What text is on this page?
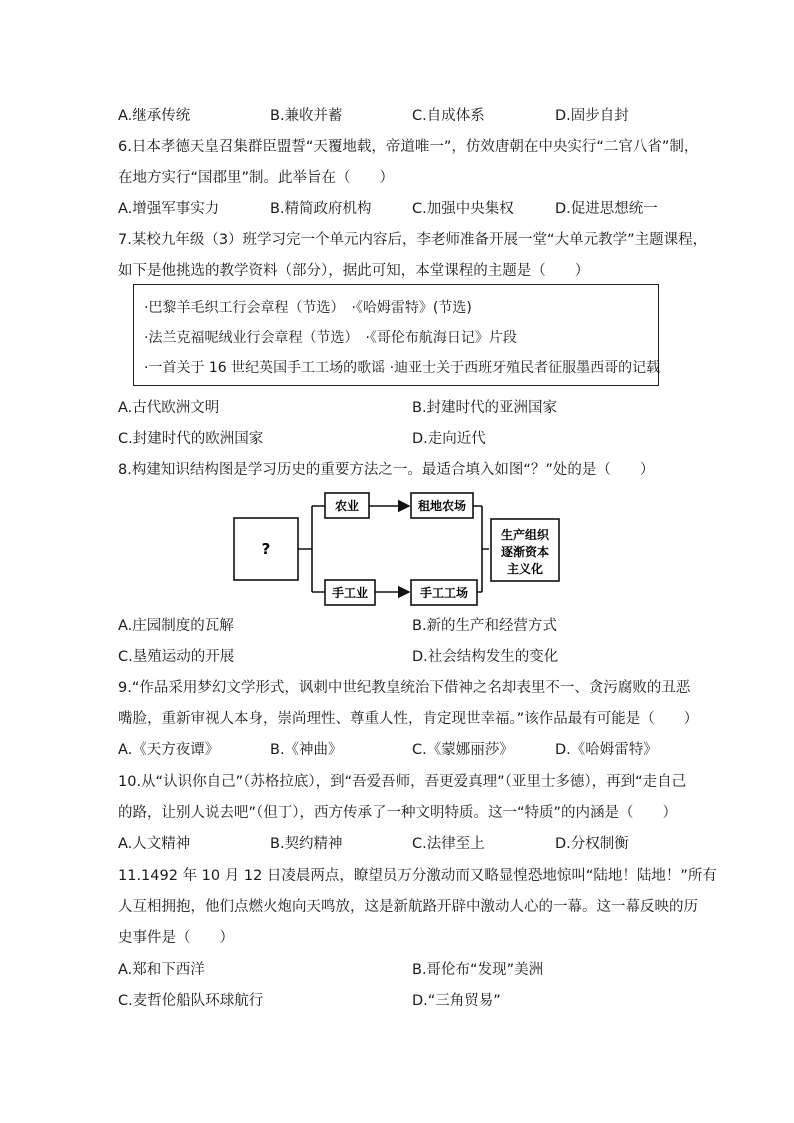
A.继承传统	B.兼收并蓄	C.自成体系	D.固步自封
6.日本孝德天皇召集群臣盟誓“天覆地载，帝道唯一”，仿效唐朝在中央实行“二官八省”制，
在地方实行“国郡里”制。此举旨在（　　）
A.增强军事实力	B.精简政府机构	C.加强中央集权	D.促进思想统一
7.某校九年级（3）班学习完一个单元内容后，李老师准备开展一堂“大单元教学”主题课程，
如下是他挑选的教学资料（部分），据此可知，本堂课程的主题是（　　）
·巴黎羊毛织工行会章程（节选）　·《哈姆雷特》(节选)
·法兰克福呢绒业行会章程（节选）　·《哥伦布航海日记》片段
·一首关于 16 世纪英国手工工场的歌谣 ·迪亚士关于西班牙殖民者征服墨西哥的记载
A.古代欧洲文明	B.封建时代的亚洲国家
C.封建时代的欧洲国家	D.走向近代
8.构建知识结构图是学习历史的重要方法之一。最适合填入如图“？”处的是（　　）
?
农业	租地农场
手工业	手工工场
生产组织
逐渐资本
主义化
A.庄园制度的瓦解	B.新的生产和经营方式
C.垦殖运动的开展	D.社会结构发生的变化
9.“作品采用梦幻文学形式，讽刺中世纪教皇统治下借神之名却表里不一、贪污腐败的丑恶
嘴脸，重新审视人本身，崇尚理性、尊重人性，肯定现世幸福。”该作品最有可能是（　　）
A.《天方夜谭》	B.《神曲》	C.《蒙娜丽莎》	D.《哈姆雷特》
10.从“认识你自己”（苏格拉底），到“吾爱吾师，吾更爱真理”（亚里士多德），再到“走自己
的路，让别人说去吧”（但丁），西方传承了一种文明特质。这一“特质”的内涵是（　　）
A.人文精神	B.契约精神	C.法律至上	D.分权制衡
11.1492 年 10 月 12 日凌晨两点，瞭望员万分激动而又略显惶恐地惊叫“陆地！陆地！”所有
人互相拥抱，他们点燃火炮向天鸣放，这是新航路开辟中激动人心的一幕。这一幕反映的历
史事件是（　　）
A.郑和下西洋	B.哥伦布“发现”美洲
C.麦哲伦船队环球航行	D.“三角贸易”
